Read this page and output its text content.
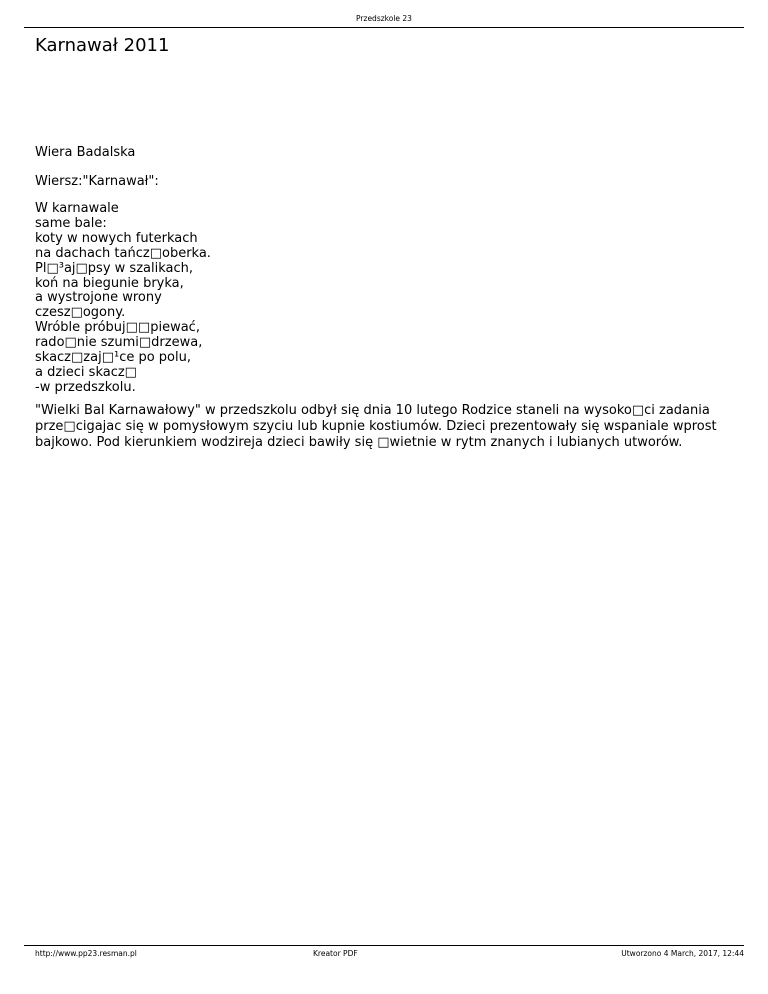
Przedszkole 23
Karnawał 2011
Wiera Badalska
Wiersz:"Karnawał":
W karnawale
same bale:
koty w nowych futerkach
na dachach tańcz□oberka.
Pl□³aj□psy w szalikach,
koń na biegunie bryka,
a wystrojone wrony
czesz□ogony.
Wróble próbuj□□piewać,
rado□nie szumi□drzewa,
skacz□zaj□¹ce po polu,
a dzieci skacz□
-w przedszkolu.

"Wielki Bal Karnawałowy" w przedszkolu odbył się dnia 10 lutego Rodzice staneli na wysoko□ci zadania prze□cigajac się w pomysłowym szyciu lub kupnie kostiumów. Dzieci prezentowały się wspaniale wprost bajkowo. Pod kierunkiem wodzireja dzieci bawiły się □wietnie w rytm znanych i lubianych utworów.

http://www.pp23.resman.pl	Kreator PDF	Utworzono 4 March, 2017, 12:44
